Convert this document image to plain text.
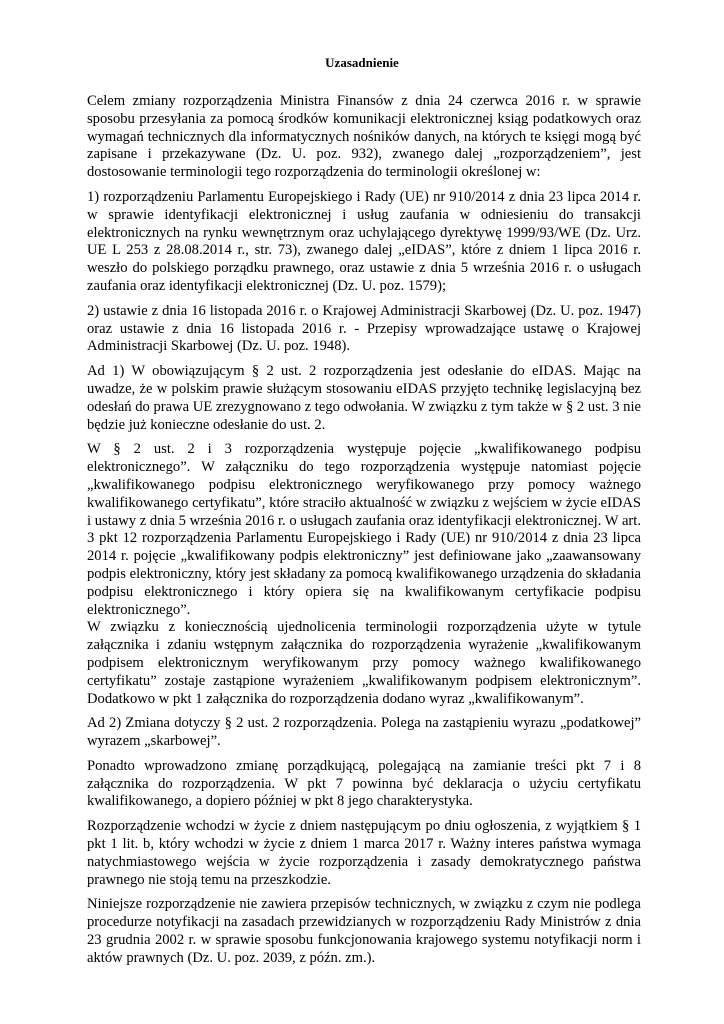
Uzasadnienie

Celem zmiany rozporządzenia Ministra Finansów z dnia 24 czerwca 2016 r. w sprawie sposobu przesyłania za pomocą środków komunikacji elektronicznej ksiąg podatkowych oraz wymagań technicznych dla informatycznych nośników danych, na których te księgi mogą być zapisane i przekazywane (Dz. U. poz. 932), zwanego dalej „rozporządzeniem”, jest dostosowanie terminologii tego rozporządzenia do terminologii określonej w:

1) rozporządzeniu Parlamentu Europejskiego i Rady (UE) nr 910/2014 z dnia 23 lipca 2014 r. w sprawie identyfikacji elektronicznej i usług zaufania w odniesieniu do transakcji elektronicznych na rynku wewnętrznym oraz uchylającego dyrektywę 1999/93/WE (Dz. Urz. UE L 253 z 28.08.2014 r., str. 73), zwanego dalej „eIDAS”, które z dniem 1 lipca 2016 r. weszło do polskiego porządku prawnego, oraz ustawie z dnia 5 września 2016 r. o usługach zaufania oraz identyfikacji elektronicznej (Dz. U. poz. 1579);

2) ustawie z dnia 16 listopada 2016 r. o Krajowej Administracji Skarbowej (Dz. U. poz. 1947) oraz ustawie z dnia 16 listopada 2016 r. - Przepisy wprowadzające ustawę o Krajowej Administracji Skarbowej (Dz. U. poz. 1948).

Ad 1) W obowiązującym § 2 ust. 2 rozporządzenia jest odesłanie do eIDAS. Mając na uwadze, że w polskim prawie służącym stosowaniu eIDAS przyjęto technikę legislacyjną bez odesłań do prawa UE zrezygnowano z tego odwołania. W związku z tym także w § 2 ust. 3 nie będzie już konieczne odesłanie do ust. 2.

W § 2 ust. 2 i 3 rozporządzenia występuje pojęcie „kwalifikowanego podpisu elektronicznego”. W załączniku do tego rozporządzenia występuje natomiast pojęcie „kwalifikowanego podpisu elektronicznego weryfikowanego przy pomocy ważnego kwalifikowanego certyfikatu”, które straciło aktualność w związku z wejściem w życie eIDAS i ustawy z dnia 5 września 2016 r. o usługach zaufania oraz identyfikacji elektronicznej. W art. 3 pkt 12 rozporządzenia Parlamentu Europejskiego i Rady (UE) nr 910/2014 z dnia 23 lipca 2014 r. pojęcie „kwalifikowany podpis elektroniczny” jest definiowane jako „zaawansowany podpis elektroniczny, który jest składany za pomocą kwalifikowanego urządzenia do składania podpisu elektronicznego i który opiera się na kwalifikowanym certyfikacie podpisu elektronicznego”.

W związku z koniecznością ujednolicenia terminologii rozporządzenia użyte w tytule załącznika i zdaniu wstępnym załącznika do rozporządzenia wyrażenie „kwalifikowanym podpisem elektronicznym weryfikowanym przy pomocy ważnego kwalifikowanego certyfikatu” zostaje zastąpione wyrażeniem „kwalifikowanym podpisem elektronicznym”. Dodatkowo w pkt 1 załącznika do rozporządzenia dodano wyraz „kwalifikowanym”.

Ad 2) Zmiana dotyczy § 2 ust. 2 rozporządzenia. Polega na zastąpieniu wyrazu „podatkowej” wyrazem „skarbowej”.

Ponadto wprowadzono zmianę porządkującą, polegającą na zamianie treści pkt 7 i 8 załącznika do rozporządzenia. W pkt 7 powinna być deklaracja o użyciu certyfikatu kwalifikowanego, a dopiero później w pkt 8 jego charakterystyka.

Rozporządzenie wchodzi w życie z dniem następującym po dniu ogłoszenia, z wyjątkiem § 1 pkt 1 lit. b, który wchodzi w życie z dniem 1 marca 2017 r. Ważny interes państwa wymaga natychmiastowego wejścia w życie rozporządzenia i zasady demokratycznego państwa prawnego nie stoją temu na przeszkodzie.

Niniejsze rozporządzenie nie zawiera przepisów technicznych, w związku z czym nie podlega procedurze notyfikacji na zasadach przewidzianych w rozporządzeniu Rady Ministrów z dnia 23 grudnia 2002 r. w sprawie sposobu funkcjonowania krajowego systemu notyfikacji norm i aktów prawnych (Dz. U. poz. 2039, z późn. zm.).
